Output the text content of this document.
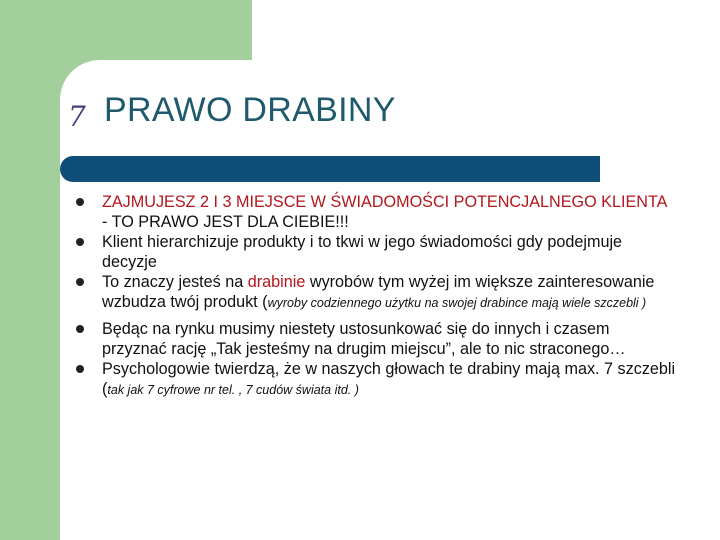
7 PRAWO DRABINY
ZAJMUJESZ 2 I 3 MIEJSCE W ŚWIADOMOŚCI POTENCJALNEGO KLIENTA - TO PRAWO JEST DLA CIEBIE!!!
Klient hierarchizuje produkty i to tkwi w jego świadomości gdy podejmuje decyzje
To znaczy jesteś na drabinie wyrobów tym wyżej im większe zainteresowanie wzbudza twój produkt (wyroby codziennego użytku na swojej drabince mają wiele szczebli )
Będąc na rynku musimy niestety ustosunkować się do innych i czasem przyznać rację „Tak jesteśmy na drugim miejscu”, ale to nic straconego…
Psychologowie twierdzą, że w naszych głowach te drabiny mają max. 7 szczebli (tak jak 7 cyfrowe nr tel. , 7 cudów świata itd. )
